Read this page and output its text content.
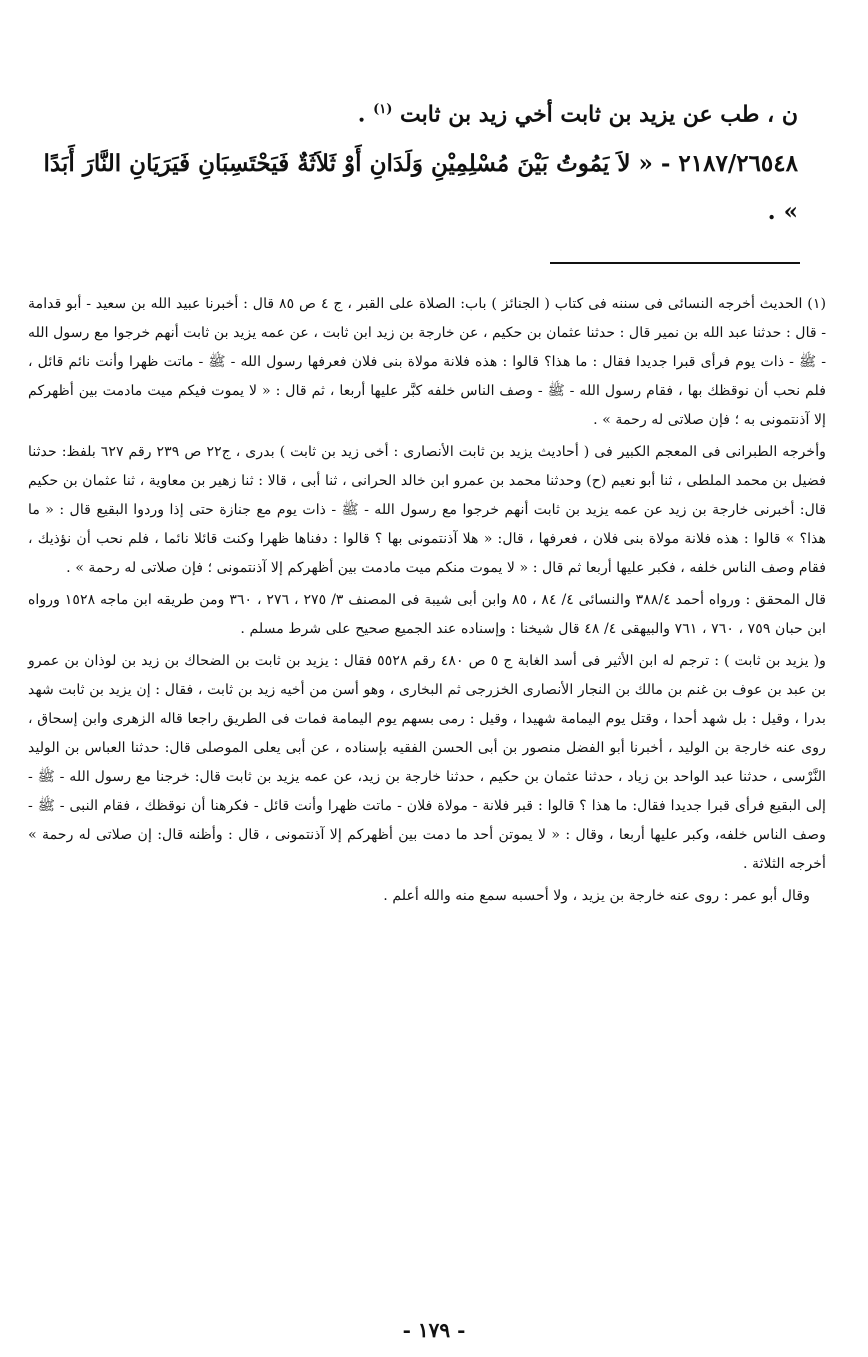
ن ، طب عن يزيد بن ثابت أخي زيد بن ثابت $^{(١)}$ .
٢١٨٧/٢٦٥٤٨ - « لاَ يَمُوتُ بَيْنَ مُسْلِمِيْنِ وَلَدَانِ أَوْ ثَلاَثَةٌ فَيَحْتَسِبَانِ فَيَرَيَانِ النَّارَ أَبَدًا » .

(١) الحديث أخرجه النسائى فى سننه فى كتاب ( الجنائز ) باب: الصلاة على القبر ، ج ٤ ص ٨٥ قال : أخبرنا عبيد الله بن سعيد - أبو قدامة - قال : حدثنا عبد الله بن نمير قال : حدثنا عثمان بن حكيم ، عن خارجة بن زيد ابن ثابت ، عن عمه يزيد بن ثابت أنهم خرجوا مع رسول الله - ﷺ - ذات يوم فرأى قبرا جديدا فقال : ما هذا؟ قالوا : هذه فلانة مولاة بنى فلان فعرفها رسول الله - ﷺ - ماتت ظهرا وأنت نائم قائل ، فلم نحب أن نوقظك بها ، فقام رسول الله - ﷺ - وصف الناس خلفه كبَّر عليها أربعا ، ثم قال : « لا يموت فيكم ميت مادمت بين أظهركم إلا آذنتمونى به ؛ فإن صلاتى له رحمة » .

وأخرجه الطبرانى فى المعجم الكبير فى ( أحاديث يزيد بن ثابت الأنصارى : أخى زيد بن ثابت ) بدرى ، ج٢٢ ص ٢٣٩ رقم ٦٢٧ بلفظ: حدثنا فضيل بن محمد الملطى ، ثنا أبو نعيم (ح) وحدثنا محمد بن عمرو ابن خالد الحرانى ، ثنا أبى ، قالا : ثنا زهير بن معاوية ، ثنا عثمان بن حكيم قال: أخبرنى خارجة بن زيد عن عمه يزيد بن ثابت أنهم خرجوا مع رسول الله - ﷺ - ذات يوم مع جنازة حتى إذا وردوا البقيع قال : « ما هذا؟ » قالوا : هذه فلانة مولاة بنى فلان ، فعرفها ، قال: « هلا آذنتمونى بها ؟ قالوا : دفناها ظهرا وكنت قائلا نائما ، فلم نحب أن نؤذيك ، فقام وصف الناس خلفه ، فكبر عليها أربعا ثم قال : « لا يموت منكم ميت مادمت بين أظهركم إلا آذنتمونى ؛ فإن صلاتى له رحمة » .

قال المحقق : ورواه أحمد ٣٨٨/٤ والنسائى ٤/ ٨٤ ، ٨٥ وابن أبى شيبة فى المصنف ٣/ ٢٧٥ ، ٢٧٦ ، ٣٦٠ ومن طريقه ابن ماجه ١٥٢٨ ورواه ابن حبان ٧٥٩ ، ٧٦٠ ، ٧٦١ والبيهقى ٤/ ٤٨ قال شيخنا : وإسناده عند الجميع صحيح على شرط مسلم .

و( يزيد بن ثابت ) : ترجم له ابن الأثير فى أسد الغابة ج ٥ ص ٤٨٠ رقم ٥٥٢٨ فقال : يزيد بن ثابت بن الضحاك بن زيد بن لوذان بن عمرو بن عبد بن عوف بن غنم بن مالك بن النجار الأنصارى الخزرجى ثم البخارى ، وهو أسن من أخيه زيد بن ثابت ، فقال : إن يزيد بن ثابت شهد بدرا ، وقيل : بل شهد أحدا ، وقتل يوم اليمامة شهيدا ، وقيل : رمى بسهم يوم اليمامة فمات فى الطريق راجعا قاله الزهرى وابن إسحاق ، روى عنه خارجة بن الوليد ، أخبرنا أبو الفضل منصور بن أبى الحسن الفقيه بإسناده ، عن أبى يعلى الموصلى قال: حدثنا العباس بن الوليد النَّرْسى ، حدثنا عبد الواحد بن زياد ، حدثنا عثمان بن حكيم ، حدثنا خارجة بن زيد، عن عمه يزيد بن ثابت قال: خرجنا مع رسول الله - ﷺ - إلى البقيع فرأى قبرا جديدا فقال: ما هذا ؟ قالوا : قبر فلانة - مولاة فلان - ماتت ظهرا وأنت قائل - فكرهنا أن نوقظك ، فقام النبى - ﷺ - وصف الناس خلفه، وكبر عليها أربعا ، وقال : « لا يموتن أحد ما دمت بين أظهركم إلا آذنتمونى ، قال : وأظنه قال: إن صلاتى له رحمة » أخرجه الثلاثة .

وقال أبو عمر : روى عنه خارجة بن يزيد ، ولا أحسبه سمع منه والله أعلم .

- ١٧٩ -
